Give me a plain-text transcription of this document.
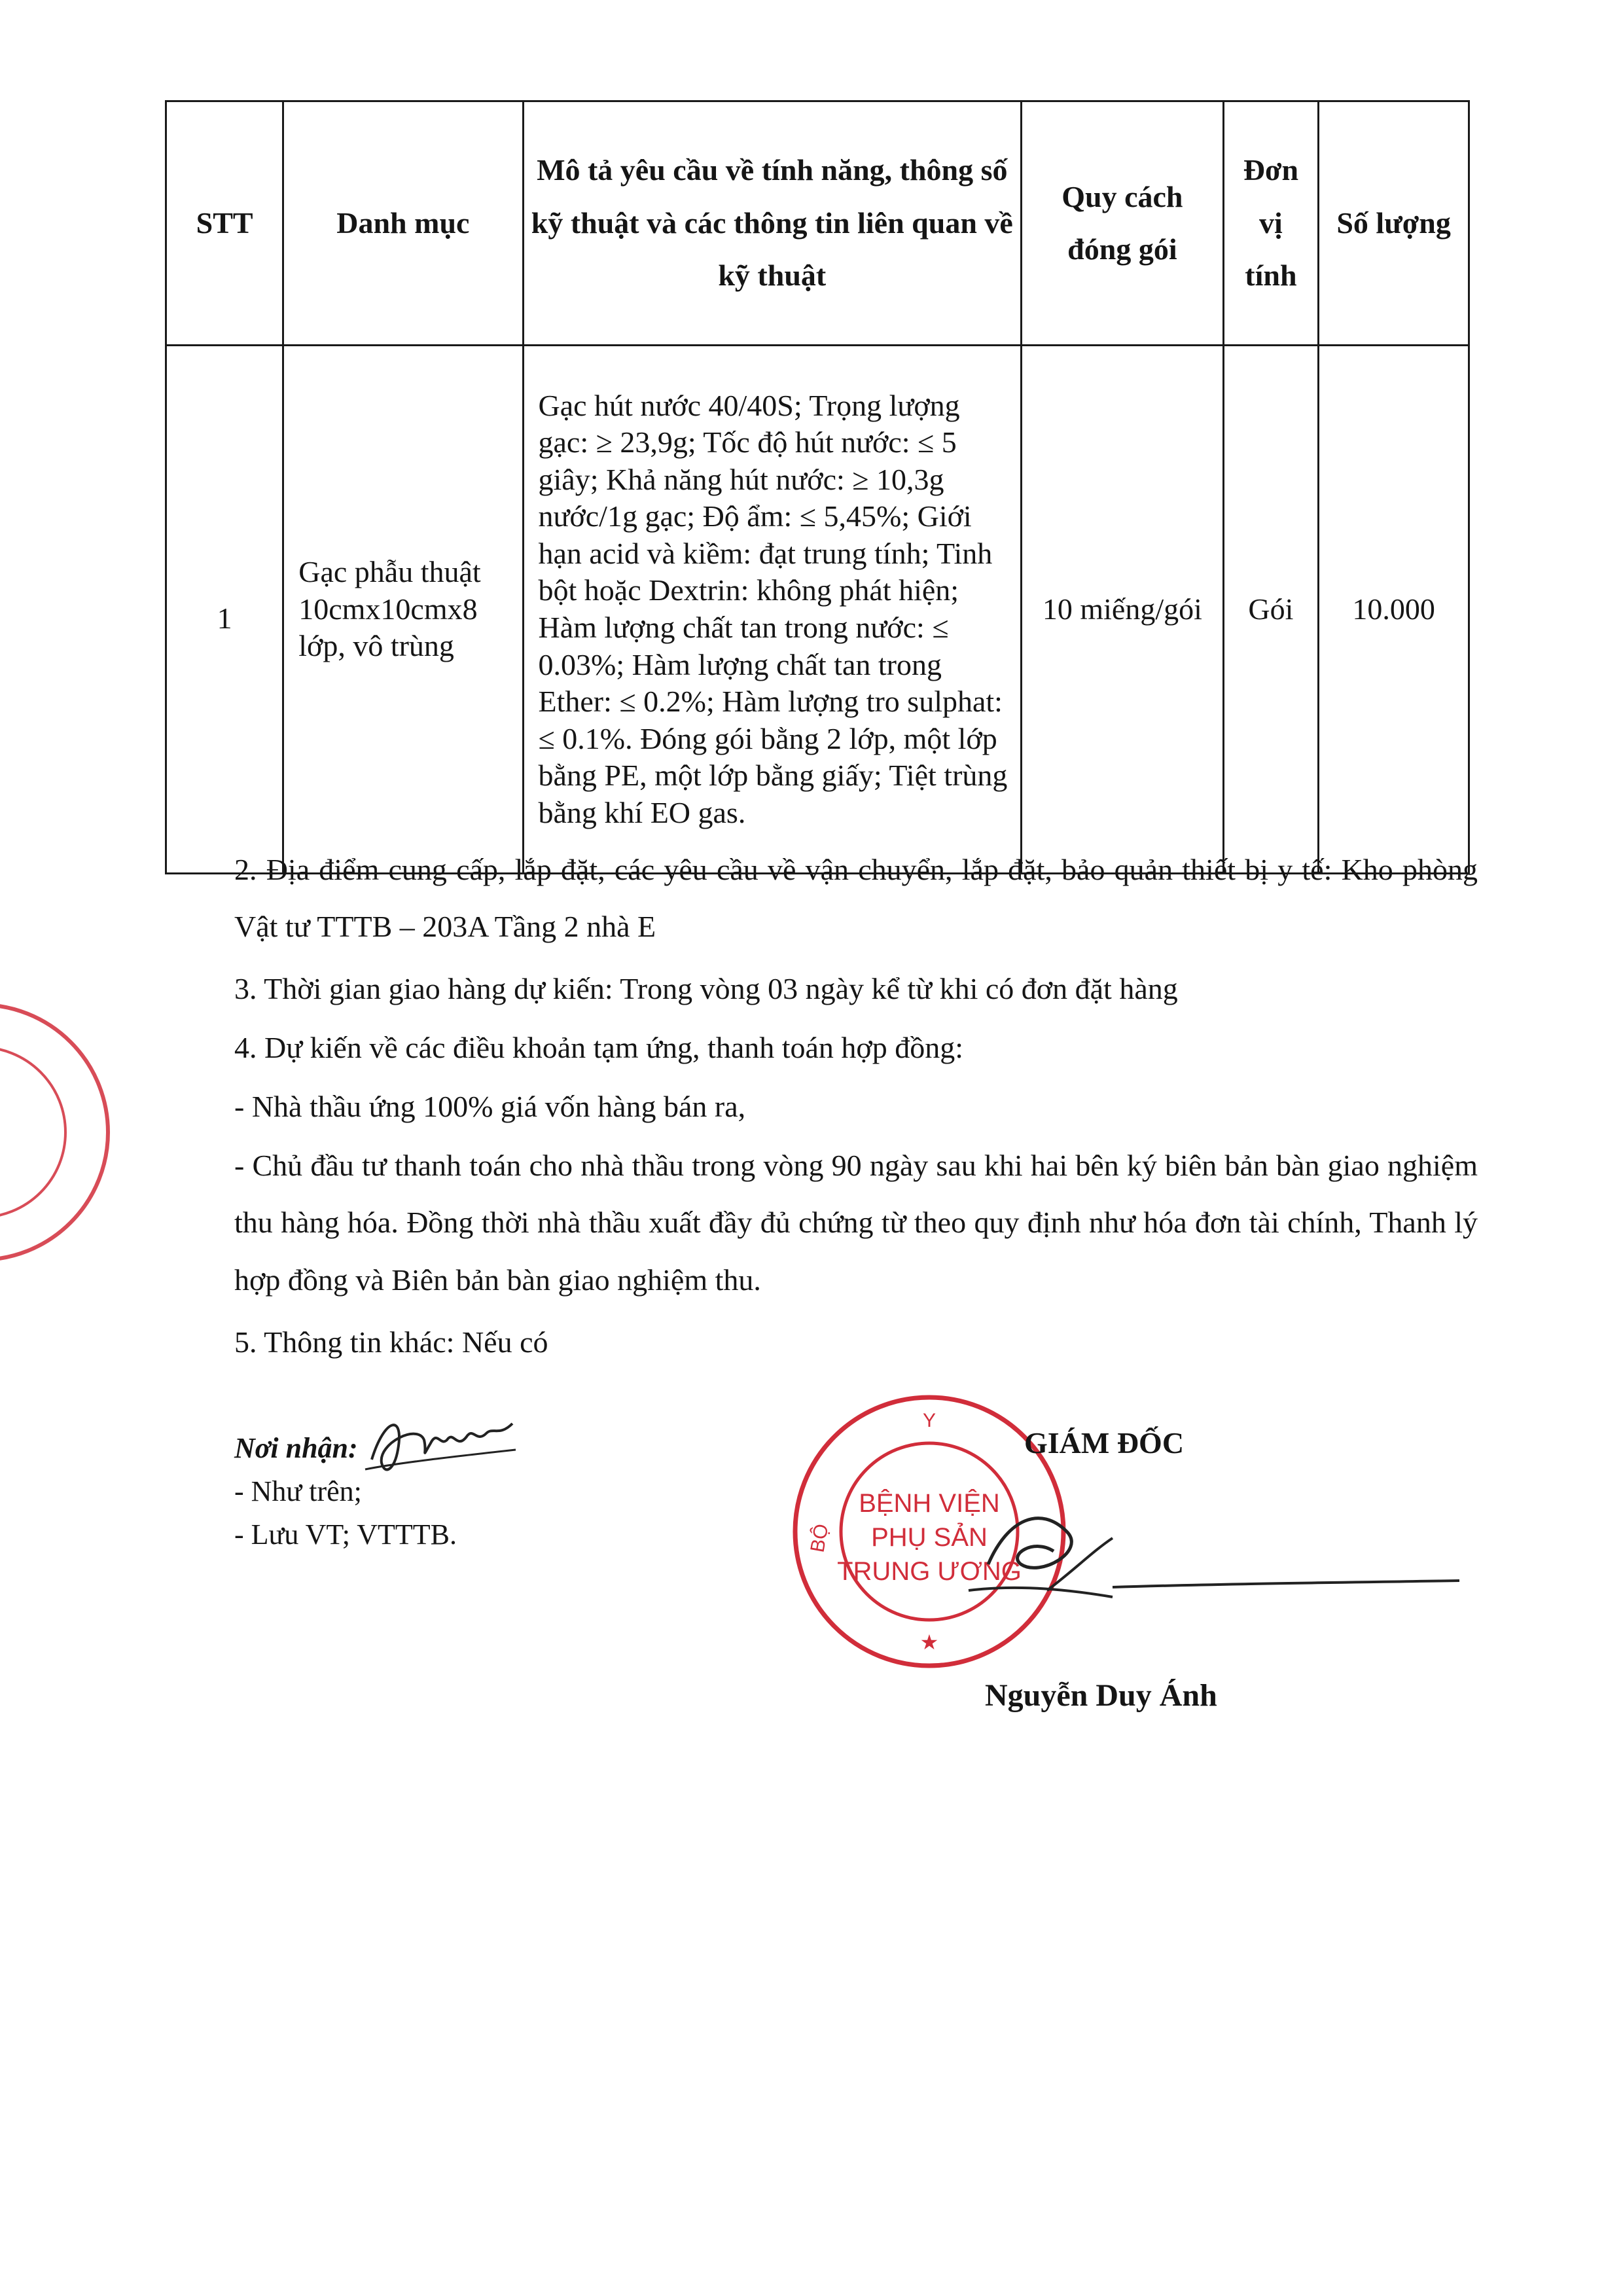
STT	Danh mục	Mô tả yêu cầu về tính năng, thông số kỹ thuật và các thông tin liên quan về kỹ thuật	Quy cách đóng gói	Đơn vị tính	Số lượng
1	Gạc phẫu thuật 10cmx10cmx8 lớp, vô trùng	Gạc hút nước 40/40S; Trọng lượng gạc: ≥ 23,9g; Tốc độ hút nước: ≤ 5 giây; Khả năng hút nước: ≥ 10,3g nước/1g gạc; Độ ẩm: ≤ 5,45%; Giới hạn acid và kiềm: đạt trung tính; Tinh bột hoặc Dextrin: không phát hiện; Hàm lượng chất tan trong nước: ≤ 0.03%; Hàm lượng chất tan trong Ether: ≤ 0.2%; Hàm lượng tro sulphat: ≤ 0.1%. Đóng gói bằng 2 lớp, một lớp bằng PE, một lớp bằng giấy; Tiệt trùng bằng khí EO gas.	10 miếng/gói	Gói	10.000
2. Địa điểm cung cấp, lắp đặt, các yêu cầu về vận chuyển, lắp đặt, bảo quản thiết bị y tế: Kho phòng Vật tư TTTB – 203A Tầng 2 nhà E
3. Thời gian giao hàng dự kiến: Trong vòng 03 ngày kể từ khi có đơn đặt hàng
4. Dự kiến về các điều khoản tạm ứng, thanh toán hợp đồng:
- Nhà thầu ứng 100% giá vốn hàng bán ra,
- Chủ đầu tư thanh toán cho nhà thầu trong vòng 90 ngày sau khi hai bên ký biên bản bàn giao nghiệm thu hàng hóa. Đồng thời nhà thầu xuất đầy đủ chứng từ theo quy định như hóa đơn tài chính, Thanh lý hợp đồng và Biên bản bàn giao nghiệm thu.
5. Thông tin khác: Nếu có
Nơi nhận:
- Như trên;
- Lưu VT; VTTTB.
Y
BỘ
BỆNH VIỆN
PHỤ SẢN
TRUNG ƯƠNG
★
GIÁM ĐỐC
Nguyễn Duy Ánh
